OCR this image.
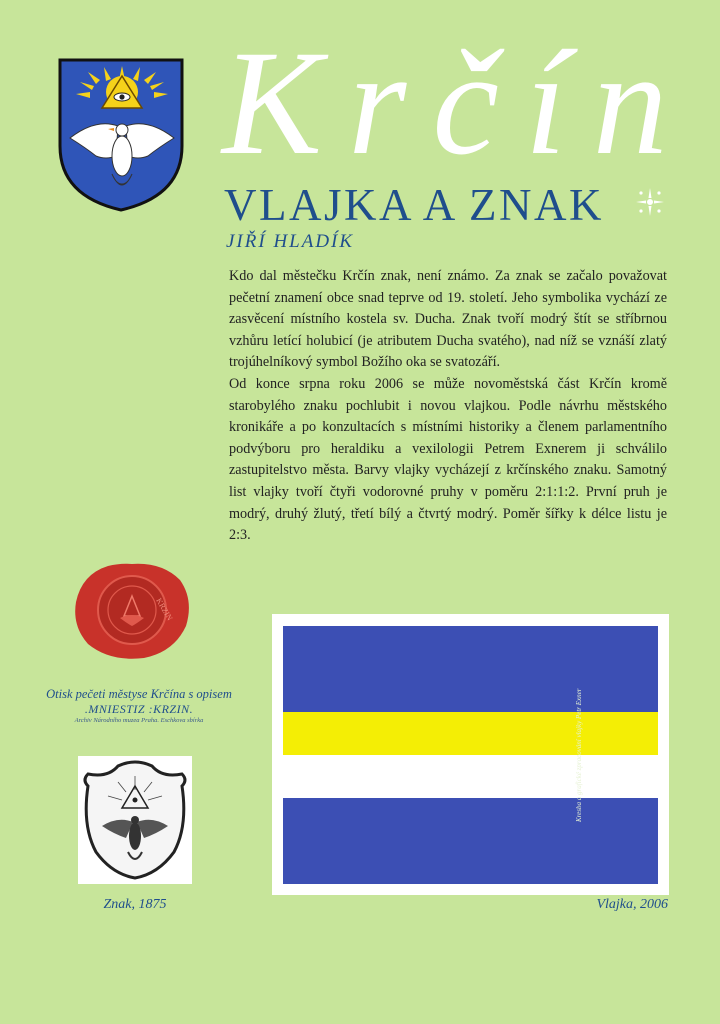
Krčín
VLAJKA A ZNAK
JIŘÍ HLADÍK

Kdo dal městečku Krčín znak, není známo. Za znak se začalo považovat pečetní znamení obce snad teprve od 19. století. Jeho symbolika vychází ze zasvěcení místního kostela sv. Ducha. Znak tvoří modrý štít se stříbrnou vzhůru letící holubicí (je atributem Ducha svatého), nad níž se vznáší zlatý trojúhelníkový symbol Božího oka se svatozáří.

Od konce srpna roku 2006 se může novoměstská část Krčín kromě starobylého znaku pochlubit i novou vlajkou. Podle návrhu městského kronikáře a po konzultacích s místními historiky a členem parlamentního podvýboru pro heraldiku a vexilologii Petrem Exnerem ji schválilo zastupitelstvo města. Barvy vlajky vycházejí z krčínského znaku. Samotný list vlajky tvoří čtyři vodorovné pruhy v poměru 2:1:1:2. První pruh je modrý, druhý žlutý, třetí bílý a čtvrtý modrý. Poměr šířky k délce listu je 2:3.

KRZIN
Otisk pečeti městyse Krčína s opisem
.MNIESTIZ :KRZIN.
Archiv Národního muzea Praha. Eschkova sbírka
Znak, 1875	Vlajka, 2006
Kresba a grafické zpracování vlajky Petr Exner
